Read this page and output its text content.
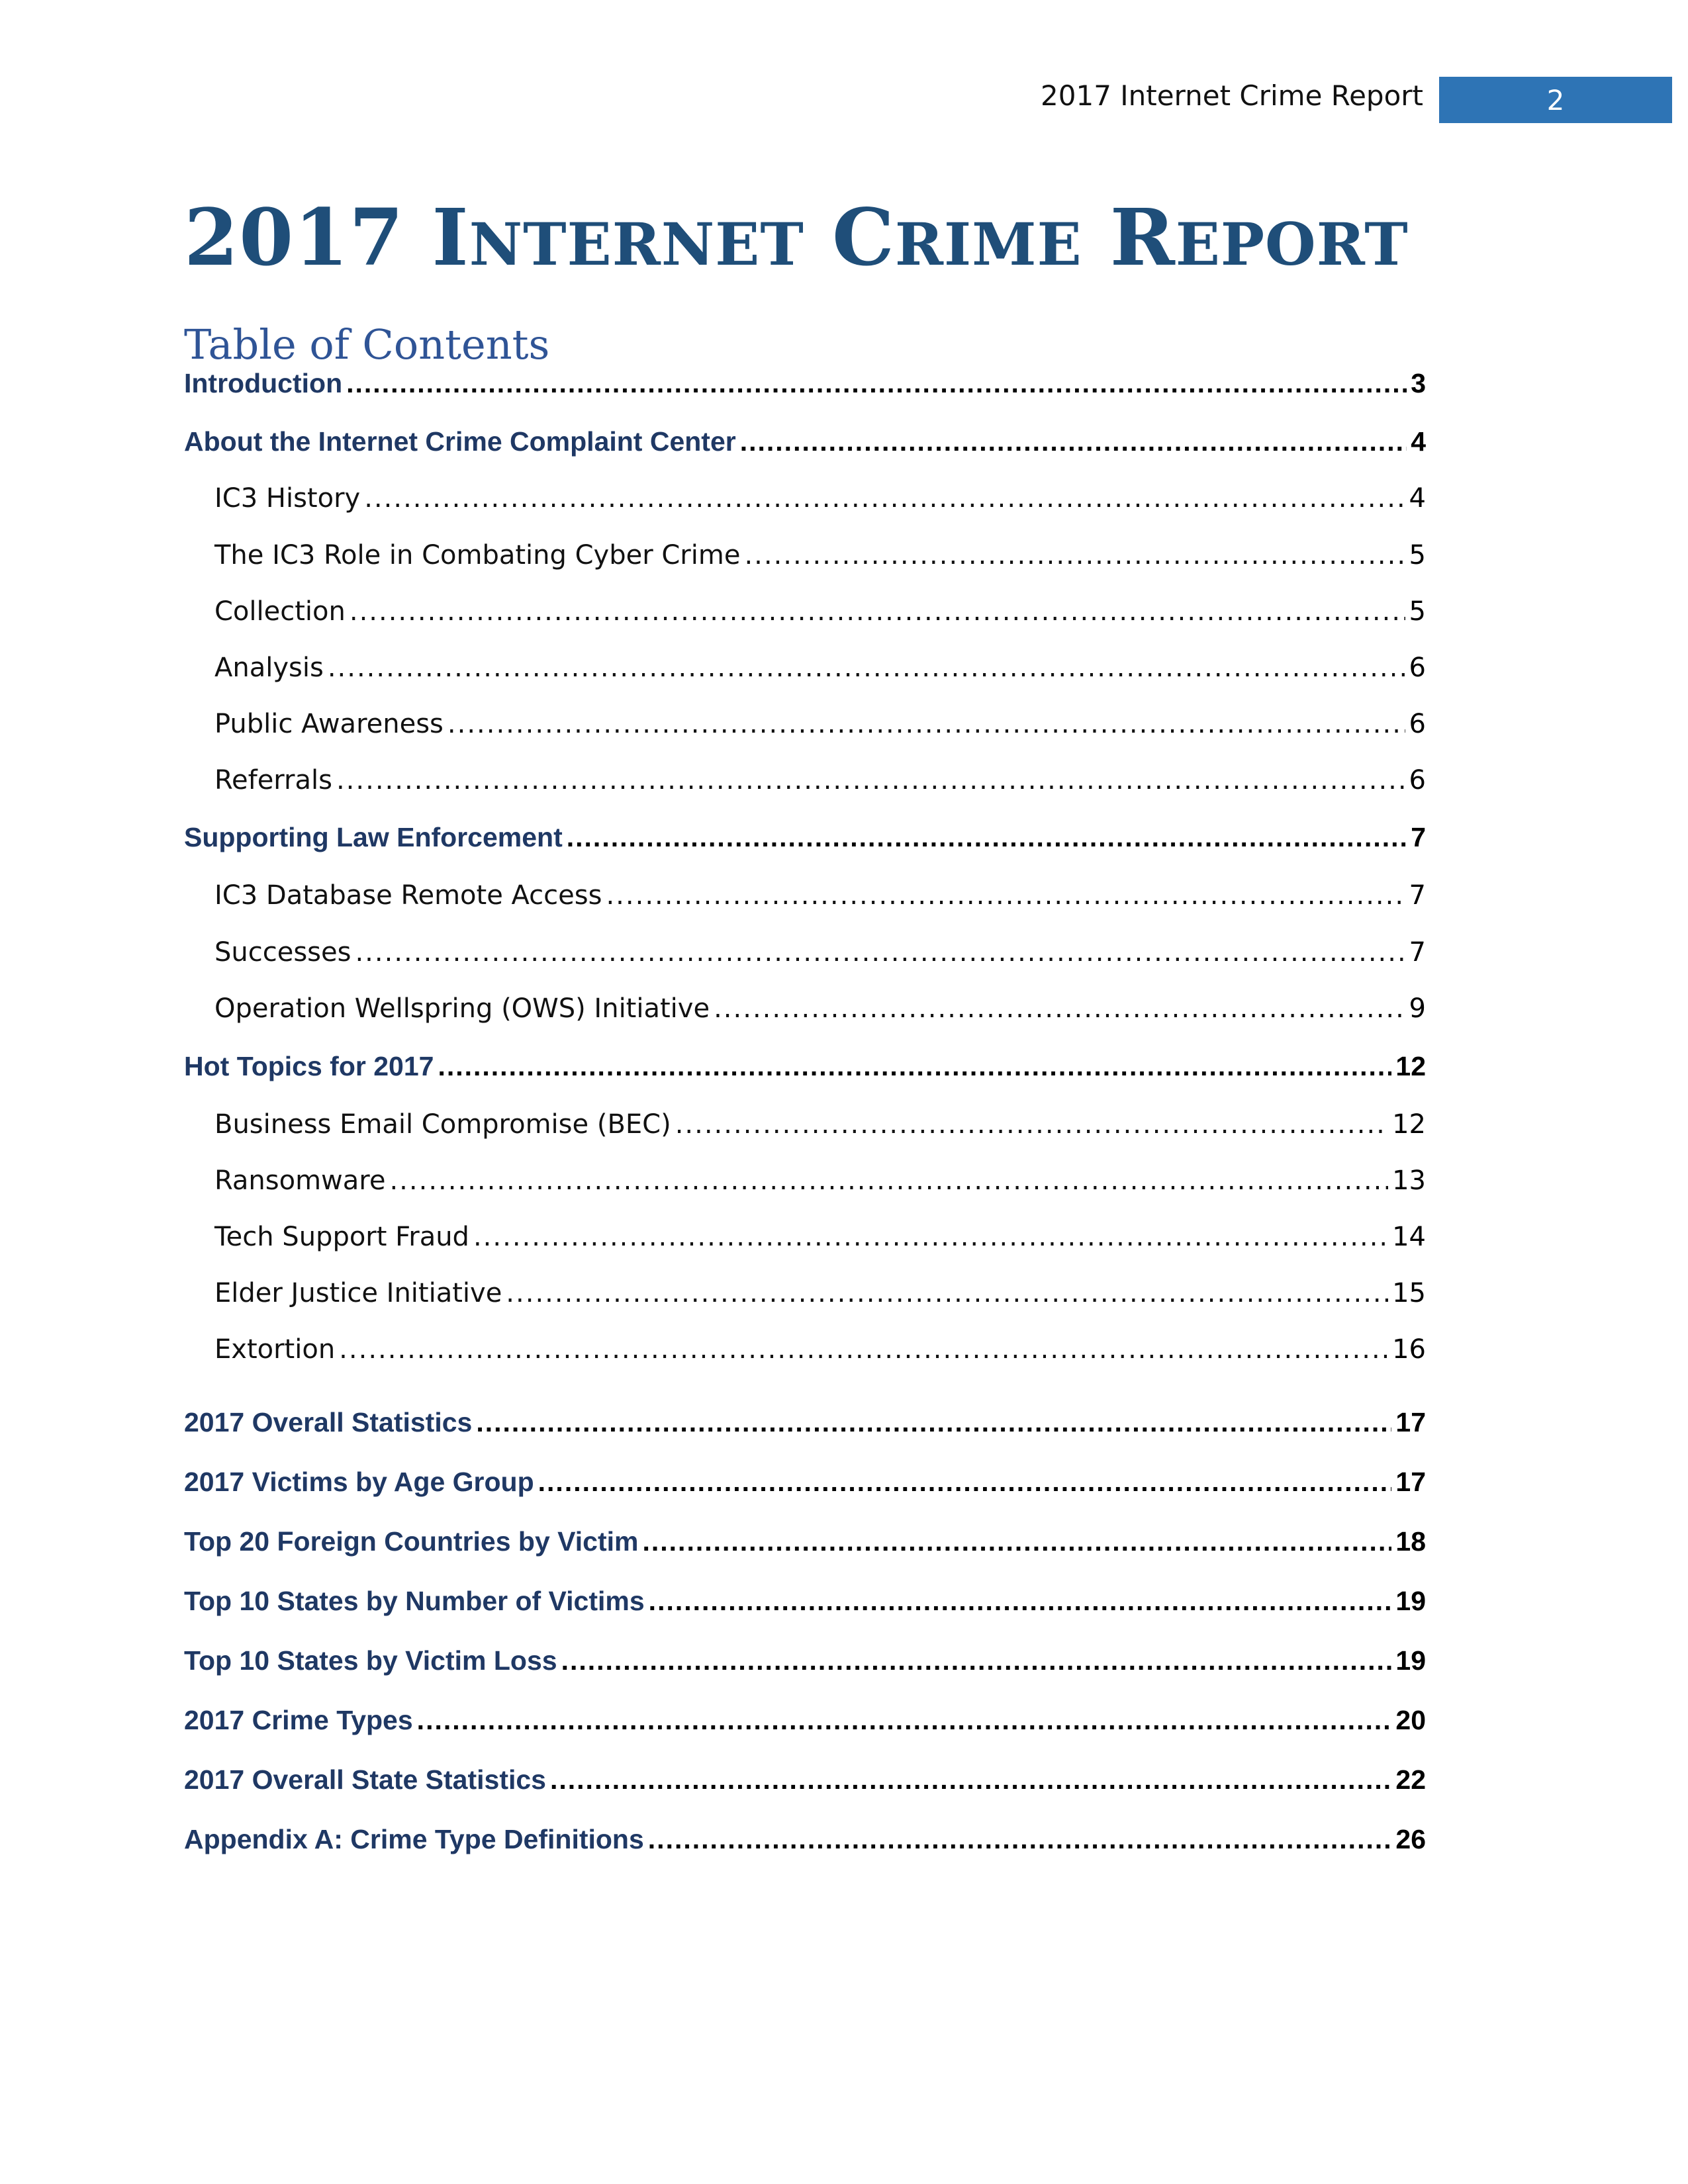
2017 Internet Crime Report	2
2017 INTERNET CRIME REPORT
Table of Contents
Introduction .....	3
About the Internet Crime Complaint Center .....	4
IC3 History .....	4
The IC3 Role in Combating Cyber Crime .....	5
Collection .....	5
Analysis .....	6
Public Awareness .....	6
Referrals .....	6
Supporting Law Enforcement .....	7
IC3 Database Remote Access .....	7
Successes .....	7
Operation Wellspring (OWS) Initiative .....	9
Hot Topics for 2017 .....	12
Business Email Compromise (BEC) .....	12
Ransomware .....	13
Tech Support Fraud .....	14
Elder Justice Initiative .....	15
Extortion .....	16
2017 Overall Statistics .....	17
2017 Victims by Age Group .....	17
Top 20 Foreign Countries by Victim .....	18
Top 10 States by Number of Victims .....	19
Top 10 States by Victim Loss .....	19
2017 Crime Types .....	20
2017 Overall State Statistics .....	22
Appendix A: Crime Type Definitions .....	26
